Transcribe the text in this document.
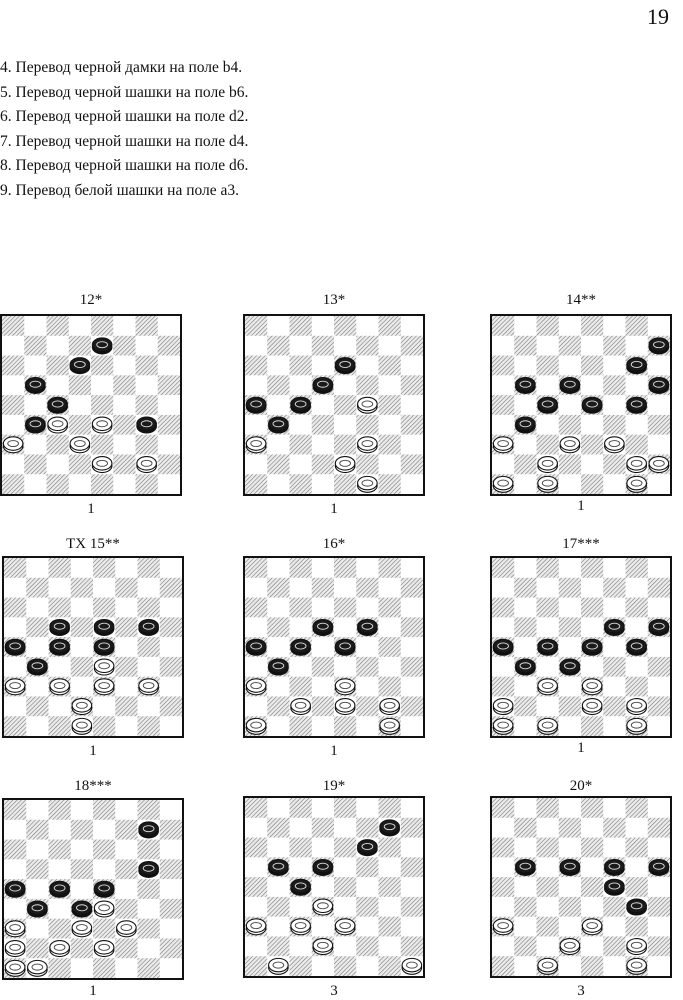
19
4. Перевод черной дамки на поле b4.
5. Перевод черной шашки на поле b6.
6. Перевод черной шашки на поле d2.
7. Перевод черной шашки на поле d4.
8. Перевод черной шашки на поле d6.
9. Перевод белой шашки на поле a3.
12*
1
13*
1
14**
1
TX 15**
1
16*
1
17***
1
18***
1
19*
3
20*
3
